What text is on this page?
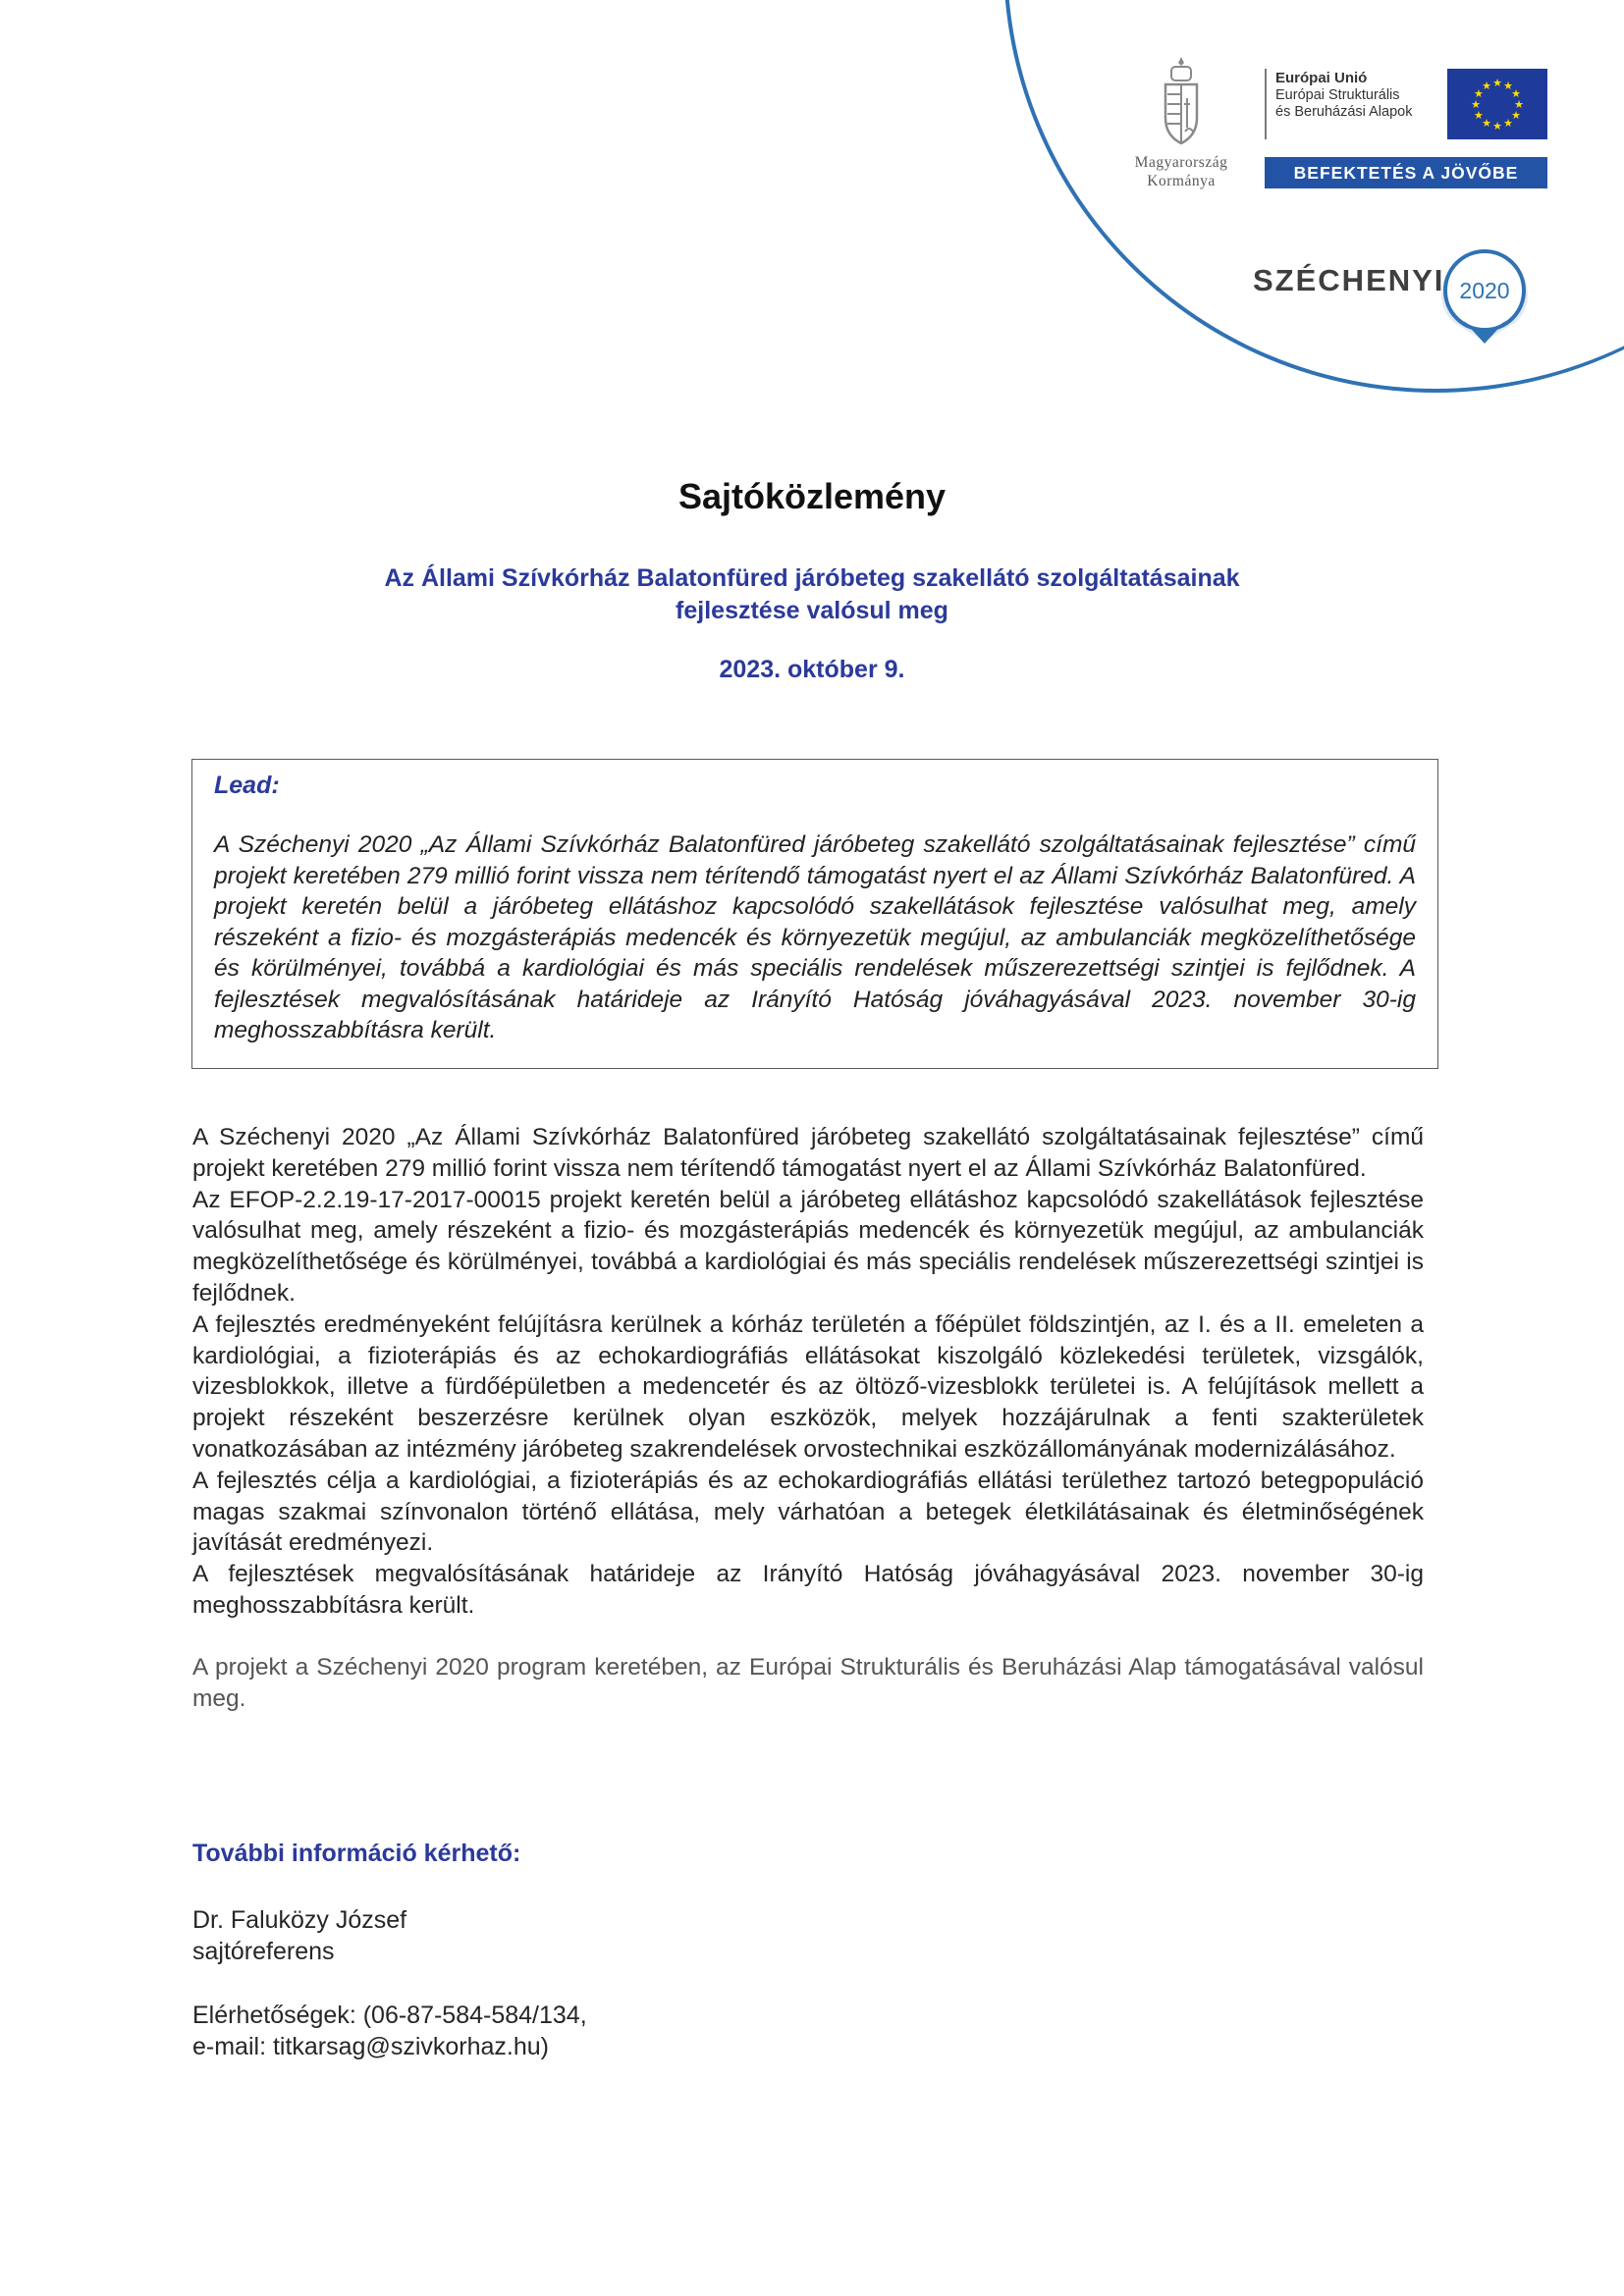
Magyarország
Kormánya
Európai Unió
Európai Strukturális
és Beruházási Alapok
★ ★
★
★
★
★
★
★
★
★
★
★
BEFEKTETÉS A JÖVŐBE
SZÉCHENYI 2020
Sajtóközlemény
Az Állami Szívkórház Balatonfüred járóbeteg szakellátó szolgáltatásainak
fejlesztése valósul meg
2023. október 9.
Lead:
A Széchenyi 2020 „Az Állami Szívkórház Balatonfüred járóbeteg szakellátó szolgáltatásainak fejlesztése” című projekt keretében 279 millió forint vissza nem térítendő támogatást nyert el az Állami Szívkórház Balatonfüred. A projekt keretén belül a járóbeteg ellátáshoz kapcsolódó szakellátások fejlesztése valósulhat meg, amely részeként a fizio- és mozgásterápiás medencék és környezetük megújul, az ambulanciák megközelíthetősége és körülményei, továbbá a kardiológiai és más speciális rendelések műszerezettségi szintjei is fejlődnek. A fejlesztések megvalósításának határideje az Irányító Hatóság jóváhagyásával 2023. november 30-ig meghosszabbításra került.

A Széchenyi 2020 „Az Állami Szívkórház Balatonfüred járóbeteg szakellátó szolgáltatásainak fejlesztése” című projekt keretében 279 millió forint vissza nem térítendő támogatást nyert el az Állami Szívkórház Balatonfüred.

Az EFOP-2.2.19-17-2017-00015 projekt keretén belül a járóbeteg ellátáshoz kapcsolódó szakellátások fejlesztése valósulhat meg, amely részeként a fizio- és mozgásterápiás medencék és környezetük megújul, az ambulanciák megközelíthetősége és körülményei, továbbá a kardiológiai és más speciális rendelések műszerezettségi szintjei is fejlődnek.

A fejlesztés eredményeként felújításra kerülnek a kórház területén a főépület földszintjén, az I. és a II. emeleten a kardiológiai, a fizioterápiás és az echokardiográfiás ellátásokat kiszolgáló közlekedési területek, vizsgálók, vizesblokkok, illetve a fürdőépületben a medencetér és az öltöző-vizesblokk területei is. A felújítások mellett a projekt részeként beszerzésre kerülnek olyan eszközök, melyek hozzájárulnak a fenti szakterületek vonatkozásában az intézmény járóbeteg szakrendelések orvostechnikai eszközállományának modernizálásához.

A fejlesztés célja a kardiológiai, a fizioterápiás és az echokardiográfiás ellátási területhez tartozó betegpopuláció magas szakmai színvonalon történő ellátása, mely várhatóan a betegek életkilátásainak és életminőségének javítását eredményezi.

A fejlesztések megvalósításának határideje az Irányító Hatóság jóváhagyásával 2023. november 30-ig meghosszabbításra került.

A projekt a Széchenyi 2020 program keretében, az Európai Strukturális és Beruházási Alap támogatásával valósul meg.

További információ kérhető:
Dr. Faluközy József
sajtóreferens
Elérhetőségek: (06-87-584-584/134,
e-mail: titkarsag@szivkorhaz.hu)
